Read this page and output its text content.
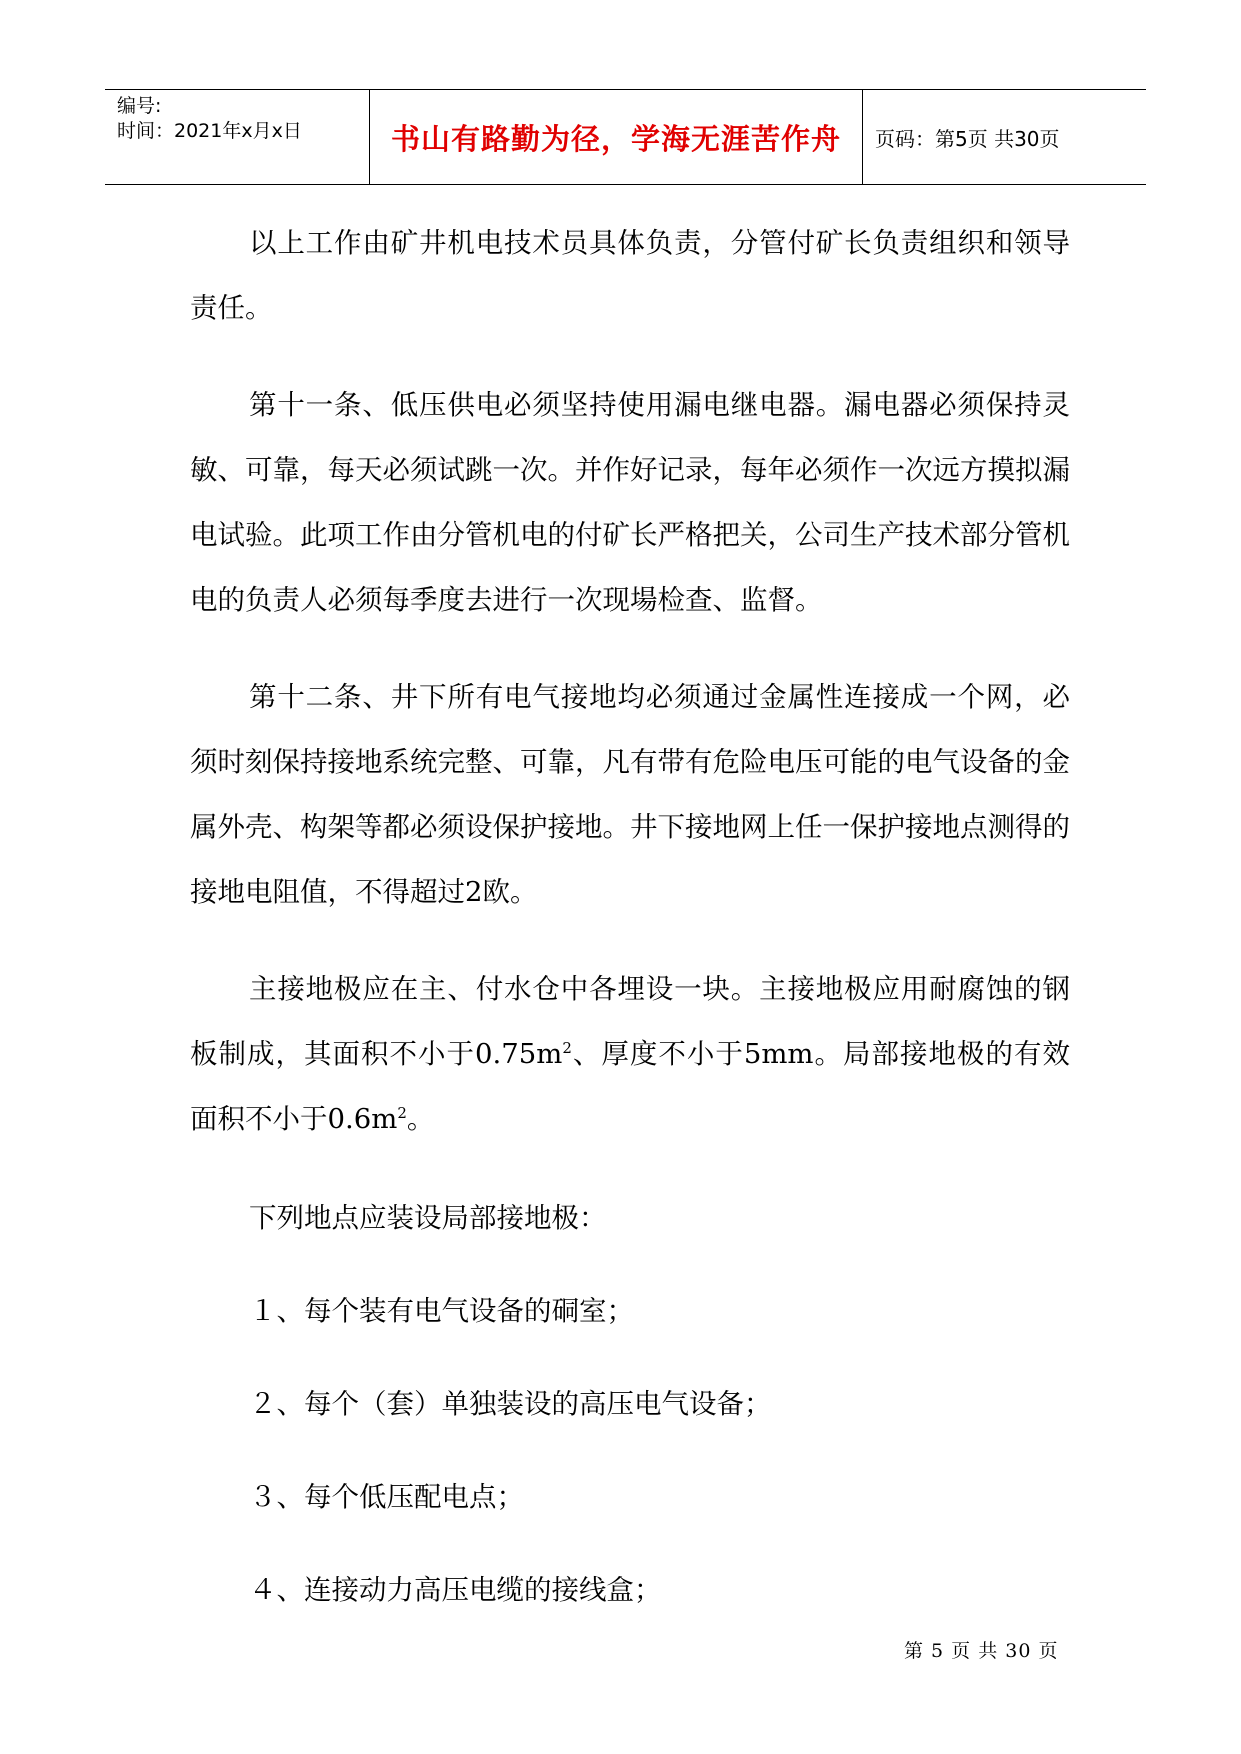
编号:
时间：2021年x月x日	书山有路勤为径，学海无涯苦作舟 页码：第5页 共30页
以上工作由矿井机电技术员具体负责，分管付矿长负责组织和领导责任。
第十一条、低压供电必须坚持使用漏电继电器。漏电器必须保持灵敏、可靠，每天必须试跳一次。并作好记录，每年必须作一次远方摸拟漏电试验。此项工作由分管机电的付矿长严格把关，公司生产技术部分管机电的负责人必须每季度去进行一次现場检查、监督。
第十二条、井下所有电气接地均必须通过金属性连接成一个网，必须时刻保持接地系统完整、可靠，凡有带有危险电压可能的电气设备的金属外壳、构架等都必须设保护接地。井下接地网上任一保护接地点测得的接地电阻值，不得超过2欧。
主接地极应在主、付水仓中各埋设一块。主接地极应用耐腐蚀的钢板制成，其面积不小于$0.75m^2$、厚度不小于5mm。局部接地极的有效面积不小于$0.6m^2$。
下列地点应装设局部接地极：
１、每个装有电气设备的硐室；
２、每个（套）单独装设的高压电气设备；
３、每个低压配电点；
４、连接动力高压电缆的接线盒；
第 5 页 共 30 页
